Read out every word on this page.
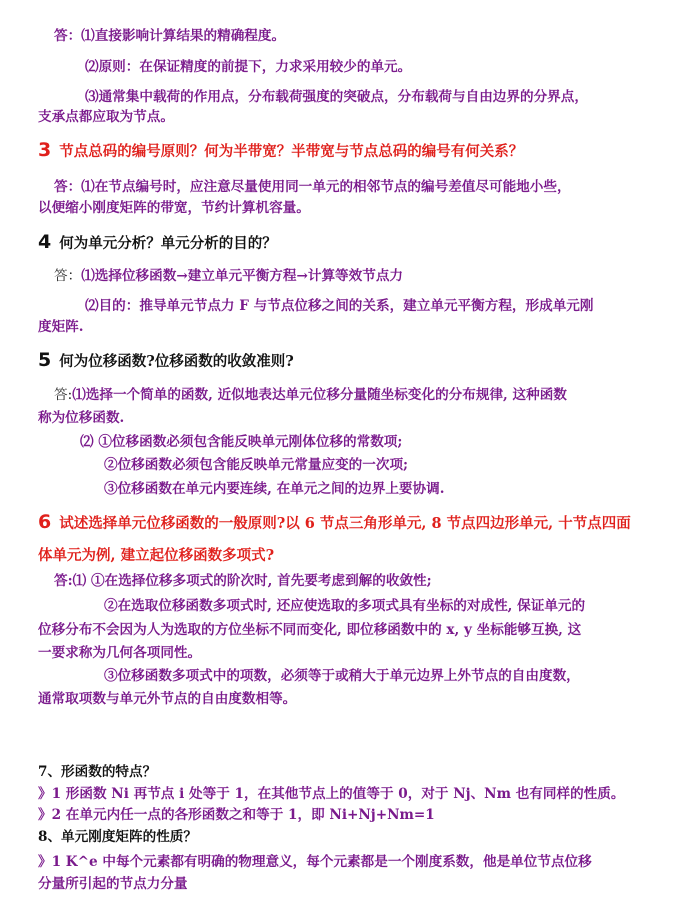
答：⑴直接影响计算结果的精确程度。
⑵原则：在保证精度的前提下，力求采用较少的单元。
⑶通常集中载荷的作用点，分布载荷强度的突破点，分布载荷与自由边界的分界点，
支承点都应取为节点。
3 节点总码的编号原则？何为半带宽？半带宽与节点总码的编号有何关系？
答：⑴在节点编号时，应注意尽量使用同一单元的相邻节点的编号差值尽可能地小些，
以便缩小刚度矩阵的带宽，节约计算机容量。
4 何为单元分析？单元分析的目的？
答：⑴选择位移函数→建立单元平衡方程→计算等效节点力
⑵目的：推导单元节点力 F 与节点位移之间的关系，建立单元平衡方程，形成单元刚
度矩阵.
5 何为位移函数?位移函数的收敛准则?
答:⑴选择一个简单的函数, 近似地表达单元位移分量随坐标变化的分布规律, 这种函数
称为位移函数.
⑵ ①位移函数必须包含能反映单元刚体位移的常数项;
②位移函数必须包含能反映单元常量应变的一次项;
③位移函数在单元内要连续, 在单元之间的边界上要协调.
6 试述选择单元位移函数的一般原则?以 6 节点三角形单元, 8 节点四边形单元, 十节点四面
体单元为例, 建立起位移函数多项式?
答:⑴ ①在选择位移多项式的阶次时, 首先要考虑到解的收敛性;
②在选取位移函数多项式时, 还应使选取的多项式具有坐标的对成性, 保证单元的
位移分布不会因为人为选取的方位坐标不同而变化, 即位移函数中的 x, y 坐标能够互换, 这
一要求称为几何各项同性。
③位移函数多项式中的项数，必须等于或稍大于单元边界上外节点的自由度数，
通常取项数与单元外节点的自由度数相等。
7、形函数的特点？
》1 形函数 Ni 再节点 i 处等于 1，在其他节点上的值等于 0，对于 Nj、Nm 也有同样的性质。
》2 在单元内任一点的各形函数之和等于 1，即 Ni+Nj+Nm=1
8、单元刚度矩阵的性质？
》1 K^e 中每个元素都有明确的物理意义，每个元素都是一个刚度系数，他是单位节点位移
分量所引起的节点力分量
